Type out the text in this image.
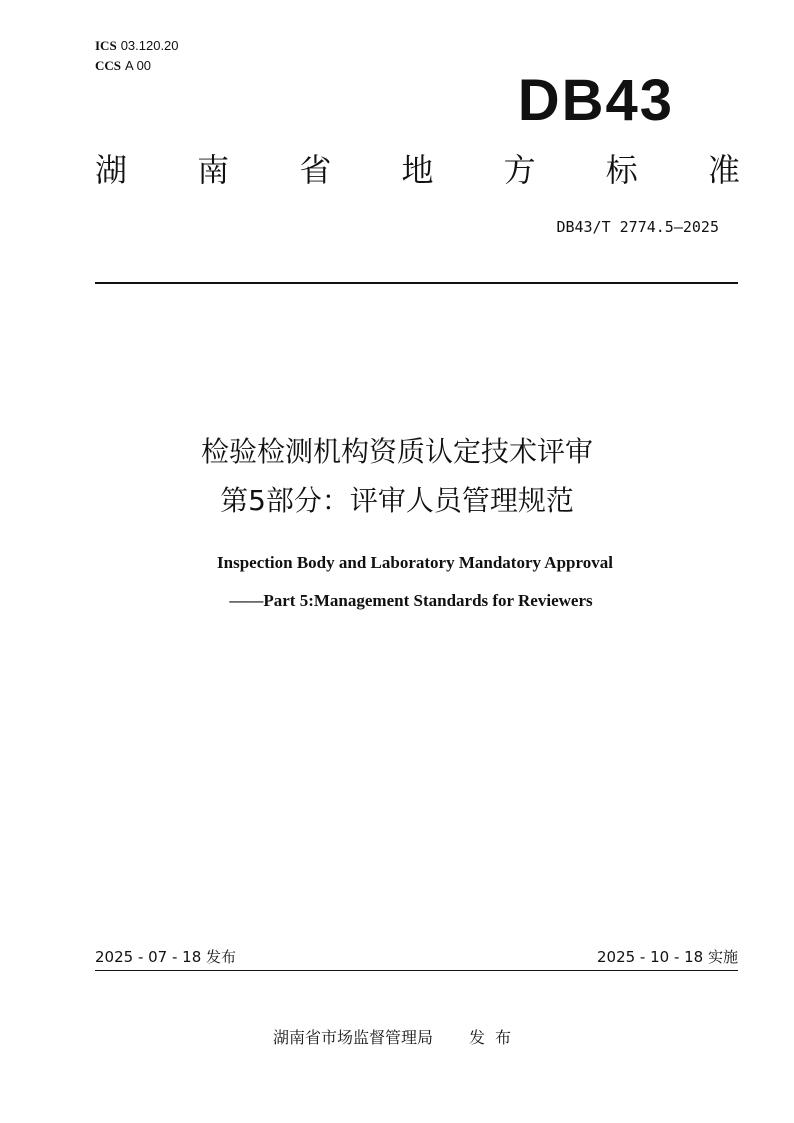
ICS 03.120.20
CCS A 00
DB43
湖 南 省 地 方 标 准
DB43/T 2774.5—2025
检验检测机构资质认定技术评审
第5部分：评审人员管理规范
Inspection Body and Laboratory Mandatory Approval
——Part 5:Management Standards for Reviewers
2025 - 07 - 18 发布	2025 - 10 - 18 实施
湖南省市场监督管理局 发布
